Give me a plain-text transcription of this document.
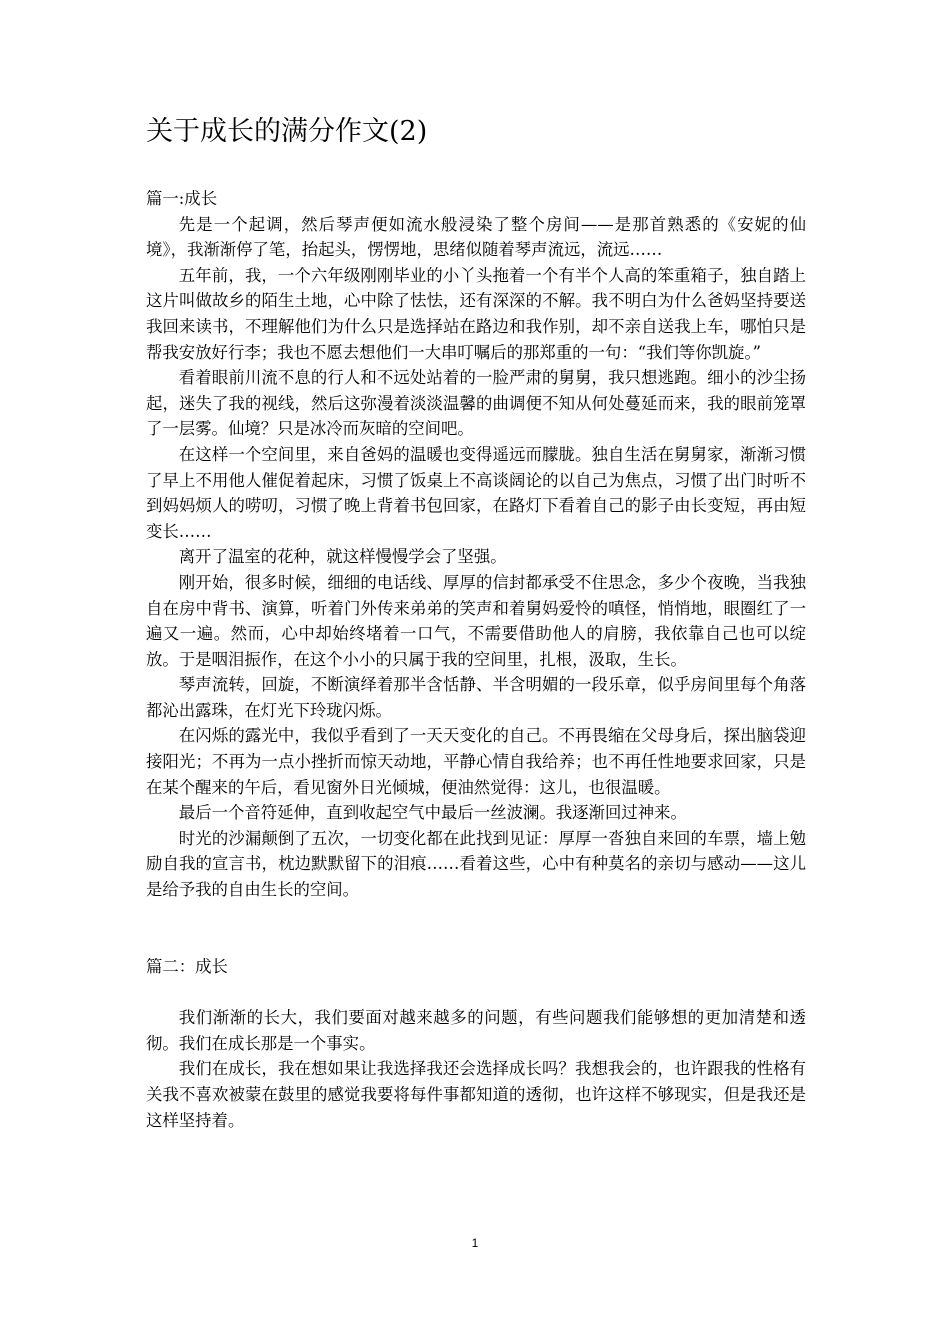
关于成长的满分作文(2)
篇一:成长

先是一个起调，然后琴声便如流水般浸染了整个房间——是那首熟悉的《安妮的仙境》，我渐渐停了笔，抬起头，愣愣地，思绪似随着琴声流远，流远……

五年前，我，一个六年级刚刚毕业的小丫头拖着一个有半个人高的笨重箱子，独自踏上这片叫做故乡的陌生土地，心中除了怯怯，还有深深的不解。我不明白为什么爸妈坚持要送我回来读书，不理解他们为什么只是选择站在路边和我作别，却不亲自送我上车，哪怕只是帮我安放好行李；我也不愿去想他们一大串叮嘱后的那郑重的一句：“我们等你凯旋。”

看着眼前川流不息的行人和不远处站着的一脸严肃的舅舅，我只想逃跑。细小的沙尘扬起，迷失了我的视线，然后这弥漫着淡淡温馨的曲调便不知从何处蔓延而来，我的眼前笼罩了一层雾。仙境？只是冰冷而灰暗的空间吧。

在这样一个空间里，来自爸妈的温暖也变得遥远而朦胧。独自生活在舅舅家，渐渐习惯了早上不用他人催促着起床，习惯了饭桌上不高谈阔论的以自己为焦点，习惯了出门时听不到妈妈烦人的唠叨，习惯了晚上背着书包回家，在路灯下看着自己的影子由长变短，再由短变长……

离开了温室的花种，就这样慢慢学会了坚强。

刚开始，很多时候，细细的电话线、厚厚的信封都承受不住思念，多少个夜晚，当我独自在房中背书、演算，听着门外传来弟弟的笑声和着舅妈爱怜的嗔怪，悄悄地，眼圈红了一遍又一遍。然而，心中却始终堵着一口气，不需要借助他人的肩膀，我依靠自己也可以绽放。于是咽泪振作，在这个小小的只属于我的空间里，扎根，汲取，生长。

琴声流转，回旋，不断演绎着那半含恬静、半含明媚的一段乐章，似乎房间里每个角落都沁出露珠，在灯光下玲珑闪烁。

在闪烁的露光中，我似乎看到了一天天变化的自己。不再畏缩在父母身后，探出脑袋迎接阳光；不再为一点小挫折而惊天动地，平静心情自我给养；也不再任性地要求回家，只是在某个醒来的午后，看见窗外日光倾城，便油然觉得：这儿，也很温暖。

最后一个音符延伸，直到收起空气中最后一丝波澜。我逐渐回过神来。

时光的沙漏颠倒了五次，一切变化都在此找到见证：厚厚一沓独自来回的车票，墙上勉励自我的宣言书，枕边默默留下的泪痕……看着这些，心中有种莫名的亲切与感动——这儿是给予我的自由生长的空间。

篇二：成长

我们渐渐的长大，我们要面对越来越多的问题，有些问题我们能够想的更加清楚和透彻。我们在成长那是一个事实。

我们在成长，我在想如果让我选择我还会选择成长吗？我想我会的，也许跟我的性格有关我不喜欢被蒙在鼓里的感觉我要将每件事都知道的透彻，也许这样不够现实，但是我还是这样坚持着。

1
